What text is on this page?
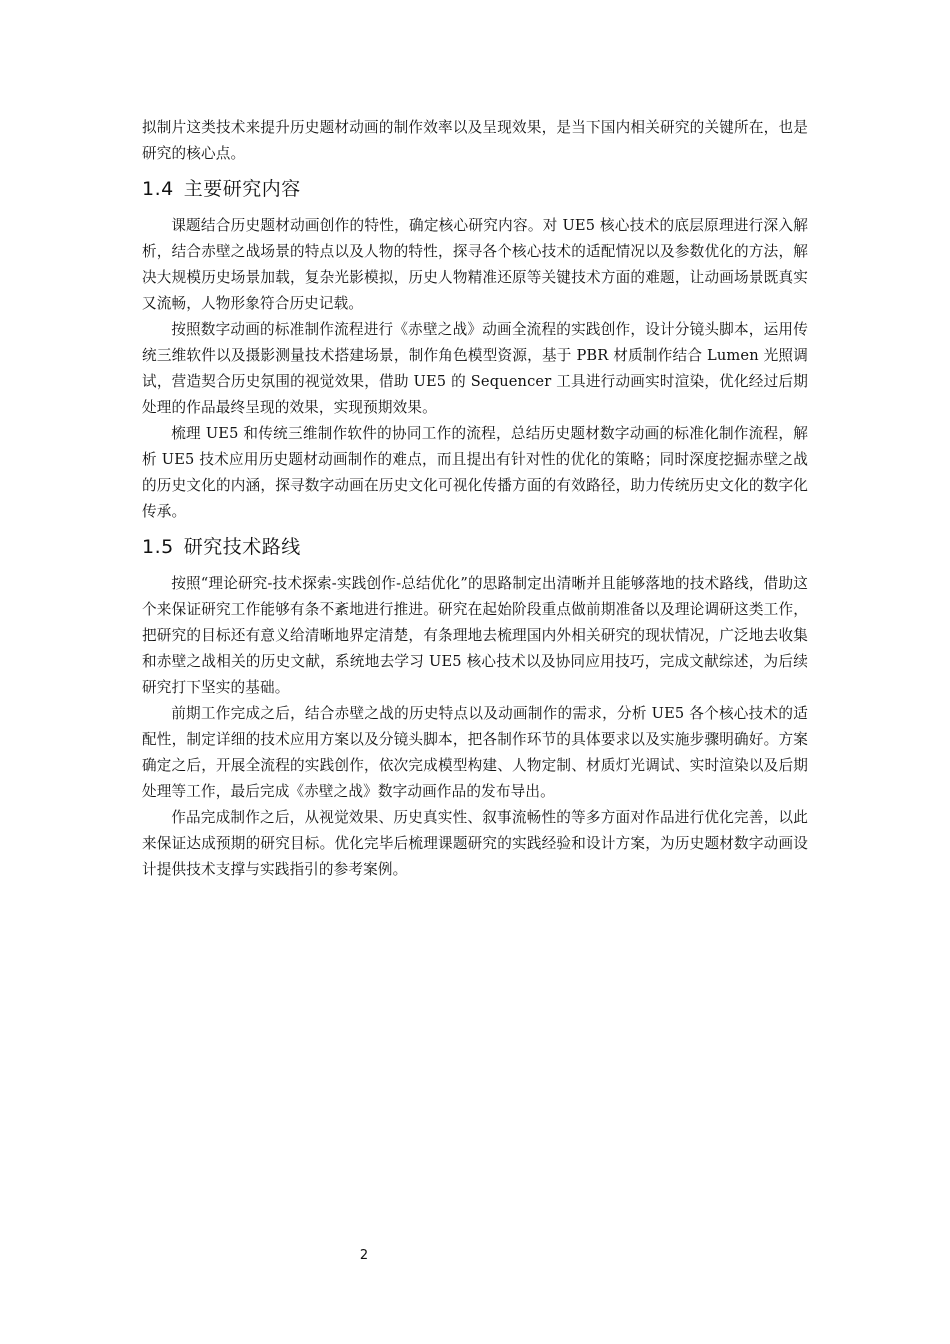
拟制片这类技术来提升历史题材动画的制作效率以及呈现效果，是当下国内相关研究的关键所在，也是研究的核心点。

1.4 主要研究内容

课题结合历史题材动画创作的特性，确定核心研究内容。对 UE5 核心技术的底层原理进行深入解析，结合赤壁之战场景的特点以及人物的特性，探寻各个核心技术的适配情况以及参数优化的方法，解决大规模历史场景加载，复杂光影模拟，历史人物精准还原等关键技术方面的难题，让动画场景既真实又流畅，人物形象符合历史记载。

按照数字动画的标准制作流程进行《赤壁之战》动画全流程的实践创作，设计分镜头脚本，运用传统三维软件以及摄影测量技术搭建场景，制作角色模型资源，基于 PBR 材质制作结合 Lumen 光照调试，营造契合历史氛围的视觉效果，借助 UE5 的 Sequencer 工具进行动画实时渲染，优化经过后期处理的作品最终呈现的效果，实现预期效果。

梳理 UE5 和传统三维制作软件的协同工作的流程，总结历史题材数字动画的标准化制作流程，解析 UE5 技术应用历史题材动画制作的难点，而且提出有针对性的优化的策略；同时深度挖掘赤壁之战的历史文化的内涵，探寻数字动画在历史文化可视化传播方面的有效路径，助力传统历史文化的数字化传承。

1.5 研究技术路线

按照“理论研究-技术探索-实践创作-总结优化”的思路制定出清晰并且能够落地的技术路线，借助这个来保证研究工作能够有条不紊地进行推进。研究在起始阶段重点做前期准备以及理论调研这类工作，把研究的目标还有意义给清晰地界定清楚，有条理地去梳理国内外相关研究的现状情况，广泛地去收集和赤壁之战相关的历史文献，系统地去学习 UE5 核心技术以及协同应用技巧，完成文献综述，为后续研究打下坚实的基础。

前期工作完成之后，结合赤壁之战的历史特点以及动画制作的需求，分析 UE5 各个核心技术的适配性，制定详细的技术应用方案以及分镜头脚本，把各制作环节的具体要求以及实施步骤明确好。方案确定之后，开展全流程的实践创作，依次完成模型构建、人物定制、材质灯光调试、实时渲染以及后期处理等工作，最后完成《赤壁之战》数字动画作品的发布导出。

作品完成制作之后，从视觉效果、历史真实性、叙事流畅性的等多方面对作品进行优化完善，以此来保证达成预期的研究目标。优化完毕后梳理课题研究的实践经验和设计方案，为历史题材数字动画设计提供技术支撑与实践指引的参考案例。

2
